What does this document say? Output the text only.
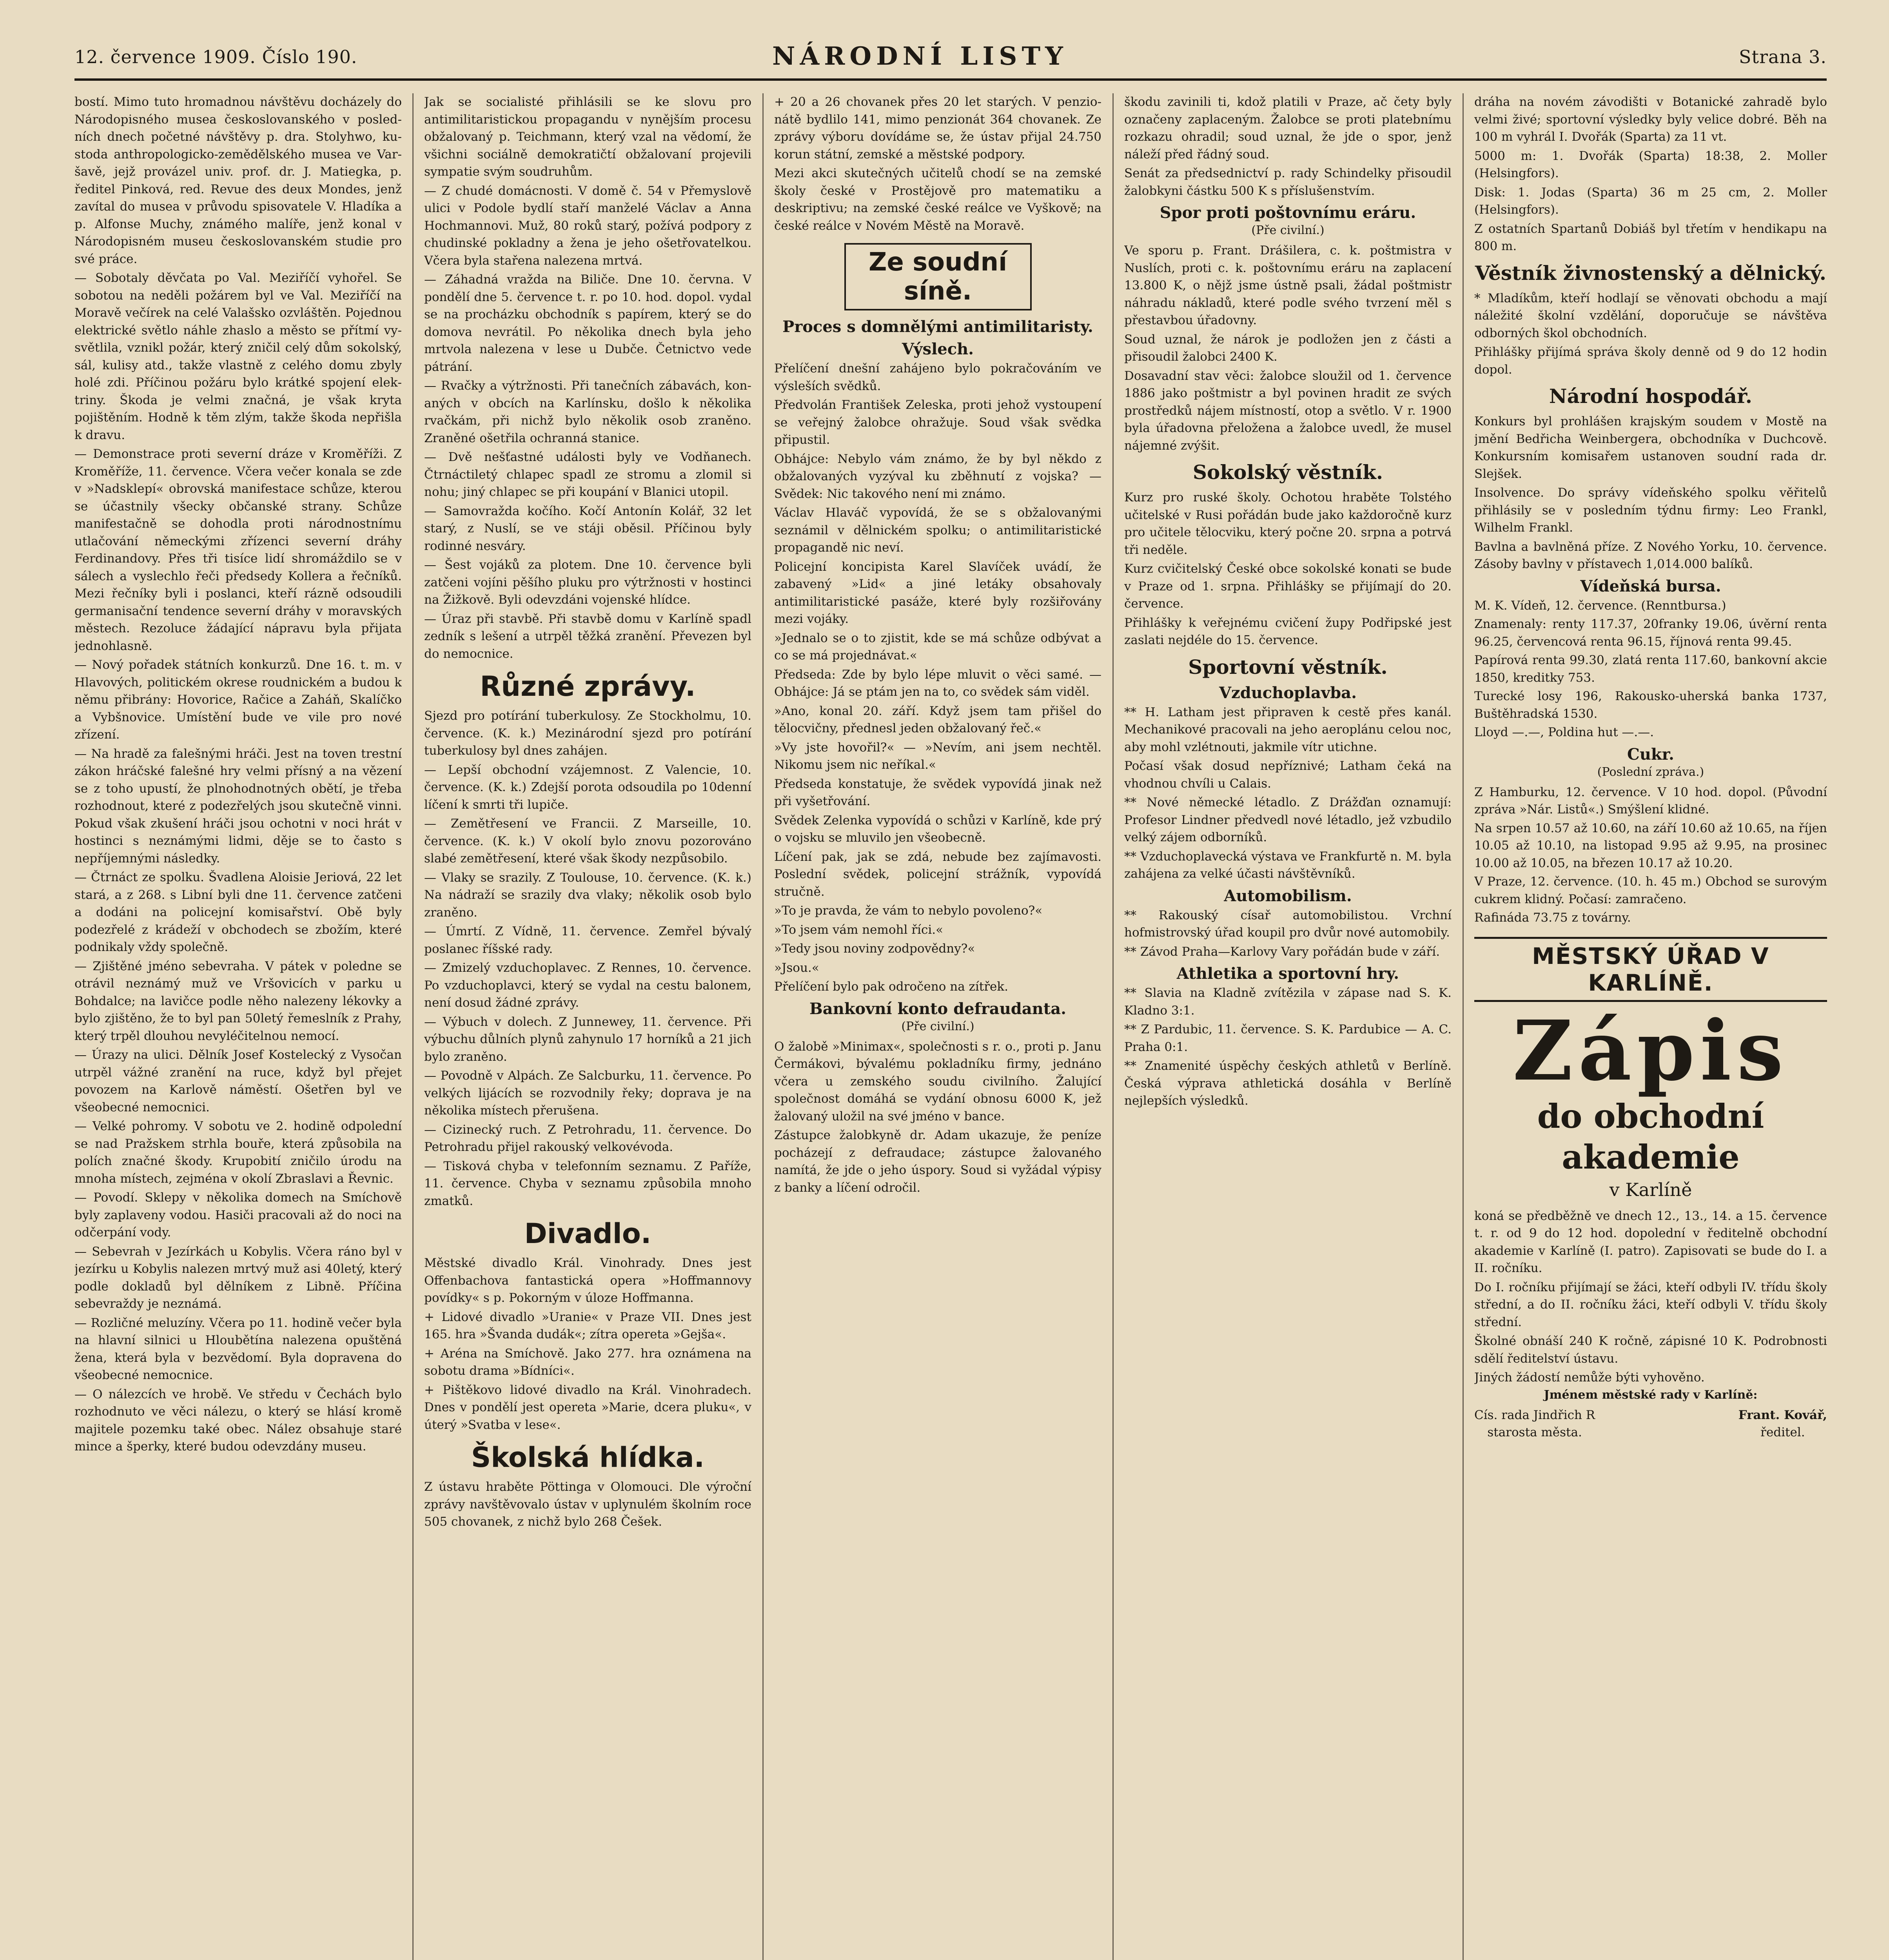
12. července 1909. Číslo 190.	NÁRODNÍ LISTY	Strana 3.

bostí. Mimo tuto hromadnou návštěvu docházely do Národopisného musea českoslovanského v posledních dnech početné návštěvy p. dra. Stolyhwo, kustoda anthropologicko-zemědělského musea ve Varšavě, jejž provázel univ. prof. dr. J. Matiegka, p. ředitel Pinková, red. Revue des deux Mondes, jenž zavítal do musea v průvodu spisovatele V. Hladíka a p. Alfonse Muchy, známého malíře, jenž konal v Národopisném museu českoslovanském studie pro své práce.

— Sobotaly děvčata po Val. Meziříčí vyhořel. Se sobotou na neděli požárem byl ve Val. Meziříčí na Moravě večírek na celé Valašsko ozvláštěn. Pojednou elektrické světlo náhle zhaslo a město se přítmí vysvětlila, vznikl požár, který zničil celý dům sokolský, sál, kulisy atd., takže vlastně z celého domu zbyly holé zdi. Příčinou požáru bylo krátké spojení elektriny. Škoda je velmi značná, je však kryta pojištěním. Hodně k těm zlým, takže škoda nepřišla k dravu.

— Demonstrace proti severní dráze v Kroměříži. Z Kroměříže, 11. července. Včera večer konala se zde v »Nadsklepí« obrovská manifestace schůze, kterou se účastnily všecky občanské strany. Schůze manifestačně se dohodla proti národnostnímu utlačování německými zřízenci severní dráhy Ferdinandovy. Přes tři tisíce lidí shromáždilo se v sálech a vyslechlo řeči předsedy Kollera a řečníků. Mezi řečníky byli i poslanci, kteří rázně odsoudili germanisační tendence severní dráhy v moravských městech. Rezoluce žádající nápravu byla přijata jednohlasně.

— Nový pořadek státních konkurzů. Dne 16. t. m. v Hlavových, politickém okrese roudnickém a budou k němu přibrány: Hovorice, Račice a Zaháň, Skalíčko a Vybšnovice. Umístění bude ve vile pro nové zřízení.

— Na hradě za falešnými hráči. Jest na toven trestní zákon hráčské falešné hry velmi přísný a na vězení se z toho upustí, že plnohodnotných obětí, je třeba rozhodnout, které z podezřelých jsou skutečně vinni. Pokud však zkušení hráči jsou ochotni v noci hrát v hostinci s neznámými lidmi, děje se to často s nepříjemnými následky.

— Čtrnáct ze spolku. Švadlena Aloisie Jeriová, 22 let stará, a z 268. s Libní byli dne 11. července zatčeni a dodáni na policejní komisařství. Obě byly podezřelé z krádeží v obchodech se zbožím, které podnikaly vždy společně.

— Zjištěné jméno sebevraha. V pátek v poledne se otrávil neznámý muž ve Vršovicích v parku u Bohdalce; na lavičce podle něho nalezeny lékovky a bylo zjištěno, že to byl pan 50letý řemeslník z Prahy, který trpěl dlouhou nevyléčitelnou nemocí.

— Úrazy na ulici. Dělník Josef Kostelecký z Vysočan utrpěl vážné zranění na ruce, když byl přejet povozem na Karlově náměstí. Ošetřen byl ve všeobecné nemocnici.

— Velké pohromy. V sobotu ve 2. hodině odpolední se nad Pražskem strhla bouře, která způsobila na polích značné škody. Krupobití zničilo úrodu na mnoha místech, zejména v okolí Zbraslavi a Řevnic.

— Povodí. Sklepy v několika domech na Smíchově byly zaplaveny vodou. Hasiči pracovali až do noci na odčerpání vody.

— Sebevrah v Jezírkách u Kobylis. Včera ráno byl v jezírku u Kobylis nalezen mrtvý muž asi 40letý, který podle dokladů byl dělníkem z Libně. Příčina sebevraždy je neznámá.

— Rozličné meluzíny. Včera po 11. hodině večer byla na hlavní silnici u Hloubětína nalezena opuštěná žena, která byla v bezvědomí. Byla dopravena do všeobecné nemocnice.

— O nálezcích ve hrobě. Ve středu v Čechách bylo rozhodnuto ve věci nálezu, o který se hlásí kromě majitele pozemku také obec. Nález obsahuje staré mince a šperky, které budou odevzdány museu.

Jak se socialisté přihlásili se ke slovu pro antimilitaristickou propagandu v nynějším procesu obžalovaný p. Teichmann, který vzal na vědomí, že všichni sociálně demokratičtí obžalovaní projevili sympatie svým soudruhům.

— Z chudé domácnosti. V domě č. 54 v Přemyslově ulici v Podole bydlí staří manželé Václav a Anna Hochmannovi. Muž, 80 roků starý, požívá podpory z chudinské pokladny a žena je jeho ošetřovatelkou. Včera byla stařena nalezena mrtvá.

— Záhadná vražda na Biliče. Dne 10. června. V pondělí dne 5. července t. r. po 10. hod. dopol. vydal se na procházku obchodník s papírem, který se do domova nevrátil. Po několika dnech byla jeho mrtvola nalezena v lese u Dubče. Četnictvo vede pátrání.

— Rvačky a výtržnosti. Při tanečních zábavách, konaných v obcích na Karlínsku, došlo k několika rvačkám, při nichž bylo několik osob zraněno. Zraněné ošetřila ochranná stanice.

— Dvě nešťastné události byly ve Vodňanech. Čtrnáctiletý chlapec spadl ze stromu a zlomil si nohu; jiný chlapec se při koupání v Blanici utopil.

— Samovražda kočího. Kočí Antonín Kolář, 32 let starý, z Nuslí, se ve stáji oběsil. Příčinou byly rodinné nesváry.

— Šest vojáků za plotem. Dne 10. července byli zatčeni vojíni pěšího pluku pro výtržnosti v hostinci na Žižkově. Byli odevzdáni vojenské hlídce.

— Úraz při stavbě. Při stavbě domu v Karlíně spadl zedník s lešení a utrpěl těžká zranění. Převezen byl do nemocnice.

Různé zprávy.

Sjezd pro potírání tuberkulosy. Ze Stockholmu, 10. července. (K. k.) Mezinárodní sjezd pro potírání tuberkulosy byl dnes zahájen.

— Lepší obchodní vzájemnost. Z Valencie, 10. července. (K. k.) Zdejší porota odsoudila po 10denní líčení k smrti tři lupiče.

— Zemětřesení ve Francii. Z Marseille, 10. července. (K. k.) V okolí bylo znovu pozorováno slabé zemětřesení, které však škody nezpůsobilo.

— Vlaky se srazily. Z Toulouse, 10. července. (K. k.) Na nádraží se srazily dva vlaky; několik osob bylo zraněno.

— Úmrtí. Z Vídně, 11. července. Zemřel bývalý poslanec říšské rady.

— Zmizelý vzduchoplavec. Z Rennes, 10. července. Po vzduchoplavci, který se vydal na cestu balonem, není dosud žádné zprávy.

— Výbuch v dolech. Z Junnewey, 11. července. Při výbuchu důlních plynů zahynulo 17 horníků a 21 jich bylo zraněno.

— Povodně v Alpách. Ze Salcburku, 11. července. Po velkých lijácích se rozvodnily řeky; doprava je na několika místech přerušena.

— Cizinecký ruch. Z Petrohradu, 11. července. Do Petrohradu přijel rakouský velkovévoda.

— Tisková chyba v telefonním seznamu. Z Paříže, 11. července. Chyba v seznamu způsobila mnoho zmatků.

Divadlo.

Městské divadlo Král. Vinohrady. Dnes jest Offenbachova fantastická opera »Hoffmannovy povídky« s p. Pokorným v úloze Hoffmanna.

+ Lidové divadlo »Uranie« v Praze VII. Dnes jest 165. hra »Švanda dudák«; zítra opereta »Gejša«.

+ Aréna na Smíchově. Jako 277. hra oznámena na sobotu drama »Bídníci«.

+ Pištěkovo lidové divadlo na Král. Vinohradech. Dnes v pondělí jest opereta »Marie, dcera pluku«, v úterý »Svatba v lese«.

Školská hlídka.

Z ústavu hraběte Pöttinga v Olomouci. Dle výroční zprávy navštěvovalo ústav v uplynulém školním roce 505 chovanek, z nichž bylo 268 Češek.

+ 20 a 26 chovanek přes 20 let starých. V penzionátě bydlilo 141, mimo penzionát 364 chovanek. Ze zprávy výboru dovídáme se, že ústav přijal 24.750 korun státní, zemské a městské podpory.

Mezi akci skutečných učitelů chodí se na zemské školy české v Prostějově pro matematiku a deskriptivu; na zemské české reálce ve Vyškově; na české reálce v Novém Městě na Moravě.

Ze soudní síně.
Proces s domnělými antimilitaristy.
Výslech.

Přelíčení dnešní zahájeno bylo pokračováním ve výsleších svědků.

Předvolán František Zeleska, proti jehož vystoupení se veřejný žalobce ohražuje. Soud však svědka připustil.

Obhájce: Nebylo vám známo, že by byl někdo z obžalovaných vyzýval ku zběhnutí z vojska? — Svědek: Nic takového není mi známo.

Václav Hlaváč vypovídá, že se s obžalovanými seznámil v dělnickém spolku; o antimilitaristické propagandě nic neví.

Policejní koncipista Karel Slavíček uvádí, že zabavený »Lid« a jiné letáky obsahovaly antimilitaristické pasáže, které byly rozšiřovány mezi vojáky.

»Jednalo se o to zjistit, kde se má schůze odbývat a co se má projednávat.«

Předseda: Zde by bylo lépe mluvit o věci samé. — Obhájce: Já se ptám jen na to, co svědek sám viděl.

»Ano, konal 20. září. Když jsem tam přišel do tělocvičny, přednesl jeden obžalovaný řeč.«

»Vy jste hovořil?« — »Nevím, ani jsem nechtěl. Nikomu jsem nic neříkal.«

Předseda konstatuje, že svědek vypovídá jinak než při vyšetřování.

Svědek Zelenka vypovídá o schůzi v Karlíně, kde prý o vojsku se mluvilo jen všeobecně.

Líčení pak, jak se zdá, nebude bez zajímavosti. Poslední svědek, policejní strážník, vypovídá stručně.

»To je pravda, že vám to nebylo povoleno?«

»To jsem vám nemohl říci.«

»Tedy jsou noviny zodpovědny?«

»Jsou.«

Přelíčení bylo pak odročeno na zítřek.

Bankovní konto defraudanta.
(Pře civilní.)

O žalobě »Minimax«, společnosti s r. o., proti p. Janu Čermákovi, bývalému pokladníku firmy, jednáno včera u zemského soudu civilního. Žalující společnost domáhá se vydání obnosu 6000 K, jež žalovaný uložil na své jméno v bance.

Zástupce žalobkyně dr. Adam ukazuje, že peníze pocházejí z defraudace; zástupce žalovaného namítá, že jde o jeho úspory. Soud si vyžádal výpisy z banky a líčení odročil.

škodu zavinili ti, kdož platili v Praze, ač čety byly označeny zaplaceným. Žalobce se proti platebnímu rozkazu ohradil; soud uznal, že jde o spor, jenž náleží před řádný soud.

Senát za předsednictví p. rady Schindelky přisoudil žalobkyni částku 500 K s příslušenstvím.

Spor proti poštovnímu eráru.
(Pře civilní.)

Ve sporu p. Frant. Drášilera, c. k. poštmistra v Nuslích, proti c. k. poštovnímu eráru na zaplacení 13.800 K, o nějž jsme ústně psali, žádal poštmistr náhradu nákladů, které podle svého tvrzení měl s přestavbou úřadovny.

Soud uznal, že nárok je podložen jen z části a přisoudil žalobci 2400 K.

Dosavadní stav věci: žalobce sloužil od 1. července 1886 jako poštmistr a byl povinen hradit ze svých prostředků nájem místností, otop a světlo. V r. 1900 byla úřadovna přeložena a žalobce uvedl, že musel nájemné zvýšit.

Sokolský věstník.

Kurz pro ruské školy. Ochotou hraběte Tolstého učitelské v Rusi pořádán bude jako každoročně kurz pro učitele tělocviku, který počne 20. srpna a potrvá tři neděle.

Kurz cvičitelský České obce sokolské konati se bude v Praze od 1. srpna. Přihlášky se přijímají do 20. července.

Přihlášky k veřejnému cvičení župy Podřipské jest zaslati nejdéle do 15. července.

Sportovní věstník.
Vzduchoplavba.

** H. Latham jest připraven k cestě přes kanál. Mechanikové pracovali na jeho aeroplánu celou noc, aby mohl vzlétnouti, jakmile vítr utichne.

Počasí však dosud nepříznivé; Latham čeká na vhodnou chvíli u Calais.

** Nové německé létadlo. Z Drážďan oznamují: Profesor Lindner předvedl nové létadlo, jež vzbudilo velký zájem odborníků.

** Vzduchoplavecká výstava ve Frankfurtě n. M. byla zahájena za velké účasti návštěvníků.

Automobilism.

** Rakouský císař automobilistou. Vrchní hofmistrovský úřad koupil pro dvůr nové automobily.

** Závod Praha—Karlovy Vary pořádán bude v září.

Athletika a sportovní hry.

** Slavia na Kladně zvítězila v zápase nad S. K. Kladno 3:1.

** Z Pardubic, 11. července. S. K. Pardubice — A. C. Praha 0:1.

** Znamenité úspěchy českých athletů v Berlíně. Česká výprava athletická dosáhla v Berlíně nejlepších výsledků.

dráha na novém závodišti v Botanické zahradě bylo velmi živé; sportovní výsledky byly velice dobré. Běh na 100 m vyhrál I. Dvořák (Sparta) za 11 vt.

5000 m: 1. Dvořák (Sparta) 18:38, 2. Moller (Helsingfors).

Disk: 1. Jodas (Sparta) 36 m 25 cm, 2. Moller (Helsingfors).

Z ostatních Spartanů Dobiáš byl třetím v hendikapu na 800 m.

Věstník živnostenský a dělnický.

* Mladíkům, kteří hodlají se věnovati obchodu a mají náležité školní vzdělání, doporučuje se návštěva odborných škol obchodních.

Přihlášky přijímá správa školy denně od 9 do 12 hodin dopol.

Národní hospodář.

Konkurs byl prohlášen krajským soudem v Mostě na jmění Bedřicha Weinbergera, obchodníka v Duchcově. Konkursním komisařem ustanoven soudní rada dr. Slejšek.

Insolvence. Do správy vídeňského spolku věřitelů přihlásily se v posledním týdnu firmy: Leo Frankl, Wilhelm Frankl.

Bavlna a bavlněná příze. Z Nového Yorku, 10. července. Zásoby bavlny v přístavech 1,014.000 balíků.

Vídeňská bursa.

M. K. Vídeň, 12. července. (Renntbursa.)

Znamenaly: renty 117.37, 20franky 19.06, úvěrní renta 96.25, červencová renta 96.15, říjnová renta 99.45.

Papírová renta 99.30, zlatá renta 117.60, bankovní akcie 1850, kreditky 753.

Turecké losy 196, Rakousko-uherská banka 1737, Buštěhradská 1530.

Lloyd —.—, Poldina hut —.—.

Cukr.
(Poslední zpráva.)

Z Hamburku, 12. července. V 10 hod. dopol. (Původní zpráva »Nár. Listů«.) Smýšlení klidné.

Na srpen 10.57 až 10.60, na září 10.60 až 10.65, na říjen 10.05 až 10.10, na listopad 9.95 až 9.95, na prosinec 10.00 až 10.05, na březen 10.17 až 10.20.

V Praze, 12. července. (10. h. 45 m.) Obchod se surovým cukrem klidný. Počasí: zamračeno.

Rafináda 73.75 z továrny.

MĚSTSKÝ ÚŘAD V KARLÍNĚ.
Zápis
do obchodní akademie
v Karlíně

koná se předběžně ve dnech 12., 13., 14. a 15. července t. r. od 9 do 12 hod. dopolední v ředitelně obchodní akademie v Karlíně (I. patro). Zapisovati se bude do I. a II. ročníku.

Do I. ročníku přijímají se žáci, kteří odbyli IV. třídu školy střední, a do II. ročníku žáci, kteří odbyli V. třídu školy střední.

Školné obnáší 240 K ročně, zápisné 10 K. Podrobnosti sdělí ředitelství ústavu.

Jiných žádostí nemůže býti vyhověno.

Jménem městské rady v Karlíně:
Cís. rada Jindřich R
starosta města.
Frant. Kovář,
ředitel.
